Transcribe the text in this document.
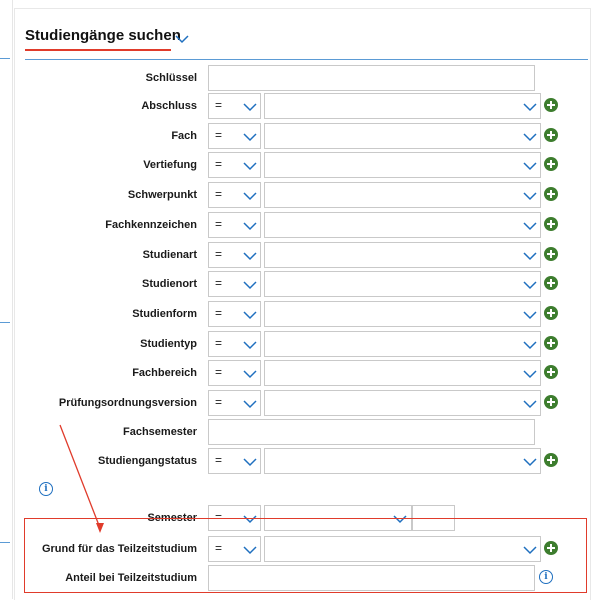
Studiengänge suchen
Schlüssel
Abschluss =
Fach =
Vertiefung =
Schwerpunkt =
Fachkennzeichen =
Studienart =
Studienort =
Studienform =
Studientyp =
Fachbereich =
Prüfungsordnungsversion =
Fachsemester
Studiengangstatus =
Semester =
Grund für das Teilzeitstudium =
Anteil bei Teilzeitstudium	i
i
